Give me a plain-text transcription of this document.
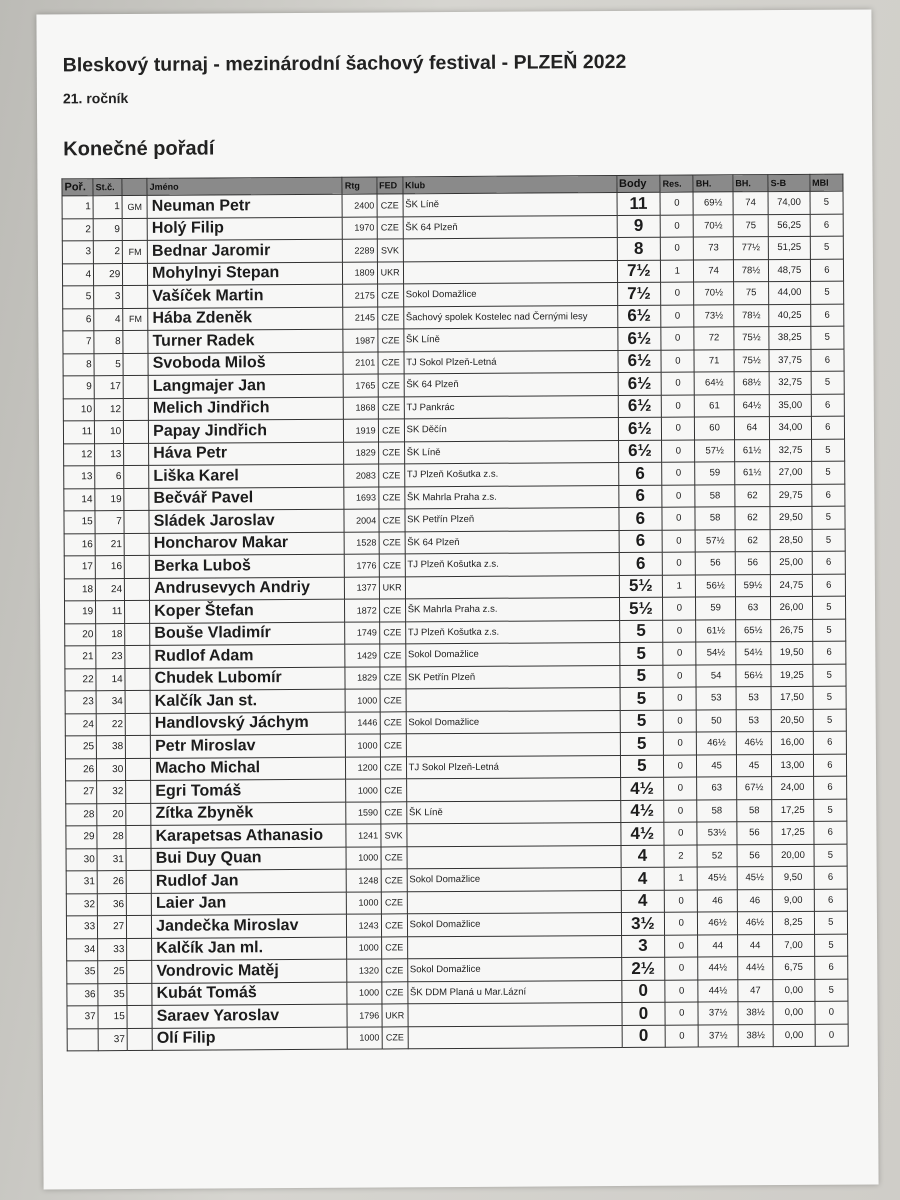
Bleskový turnaj - mezinárodní šachový festival - PLZEŇ 2022
21. ročník
Konečné pořadí
Poř.	St.č.		Jméno	Rtg	FED	Klub	Body	Res.	BH.	BH.	S-B	MBl
1	1	GM	Neuman Petr	2400	CZE	ŠK Líně	11	0	69½	74	74,00	5
2	9		Holý Filip	1970	CZE	ŠK 64 Plzeň	9	0	70½	75	56,25	6
3	2	FM	Bednar Jaromir	2289	SVK		8	0	73	77½	51,25	5
4	29		Mohylnyi Stepan	1809	UKR		7½	1	74	78½	48,75	6
5	3		Vašíček Martin	2175	CZE	Sokol Domažlice	7½	0	70½	75	44,00	5
6	4	FM	Hába Zdeněk	2145	CZE	Šachový spolek Kostelec nad Černými lesy	6½	0	73½	78½	40,25	6
7	8		Turner Radek	1987	CZE	ŠK Líně	6½	0	72	75½	38,25	5
8	5		Svoboda Miloš	2101	CZE	TJ Sokol Plzeň-Letná	6½	0	71	75½	37,75	6
9	17		Langmajer Jan	1765	CZE	ŠK 64 Plzeň	6½	0	64½	68½	32,75	5
10	12		Melich Jindřich	1868	CZE	TJ Pankrác	6½	0	61	64½	35,00	6
11	10		Papay Jindřich	1919	CZE	SK Děčín	6½	0	60	64	34,00	6
12	13		Háva Petr	1829	CZE	ŠK Líně	6½	0	57½	61½	32,75	5
13	6		Liška Karel	2083	CZE	TJ Plzeň Košutka z.s.	6	0	59	61½	27,00	5
14	19		Bečvář Pavel	1693	CZE	ŠK Mahrla Praha z.s.	6	0	58	62	29,75	6
15	7		Sládek Jaroslav	2004	CZE	SK Petřín Plzeň	6	0	58	62	29,50	5
16	21		Honcharov Makar	1528	CZE	ŠK 64 Plzeň	6	0	57½	62	28,50	5
17	16		Berka Luboš	1776	CZE	TJ Plzeň Košutka z.s.	6	0	56	56	25,00	6
18	24		Andrusevych Andriy	1377	UKR		5½	1	56½	59½	24,75	6
19	11		Koper Štefan	1872	CZE	ŠK Mahrla Praha z.s.	5½	0	59	63	26,00	5
20	18		Bouše Vladimír	1749	CZE	TJ Plzeň Košutka z.s.	5	0	61½	65½	26,75	5
21	23		Rudlof Adam	1429	CZE	Sokol Domažlice	5	0	54½	54½	19,50	6
22	14		Chudek Lubomír	1829	CZE	SK Petřín Plzeň	5	0	54	56½	19,25	5
23	34		Kalčík Jan st.	1000	CZE		5	0	53	53	17,50	5
24	22		Handlovský Jáchym	1446	CZE	Sokol Domažlice	5	0	50	53	20,50	5
25	38		Petr Miroslav	1000	CZE		5	0	46½	46½	16,00	6
26	30		Macho Michal	1200	CZE	TJ Sokol Plzeň-Letná	5	0	45	45	13,00	6
27	32		Egri Tomáš	1000	CZE		4½	0	63	67½	24,00	6
28	20		Zítka Zbyněk	1590	CZE	ŠK Líně	4½	0	58	58	17,25	5
29	28		Karapetsas Athanasio	1241	SVK		4½	0	53½	56	17,25	6
30	31		Bui Duy Quan	1000	CZE		4	2	52	56	20,00	5
31	26		Rudlof Jan	1248	CZE	Sokol Domažlice	4	1	45½	45½	9,50	6
32	36		Laier Jan	1000	CZE		4	0	46	46	9,00	6
33	27		Jandečka Miroslav	1243	CZE	Sokol Domažlice	3½	0	46½	46½	8,25	5
34	33		Kalčík Jan ml.	1000	CZE		3	0	44	44	7,00	5
35	25		Vondrovic Matěj	1320	CZE	Sokol Domažlice	2½	0	44½	44½	6,75	6
36	35		Kubát Tomáš	1000	CZE	ŠK DDM Planá u Mar.Lázní	0	0	44½	47	0,00	5
37	15		Saraev Yaroslav	1796	UKR		0	0	37½	38½	0,00	0
	37		Olí Filip	1000	CZE		0	0	37½	38½	0,00	0
